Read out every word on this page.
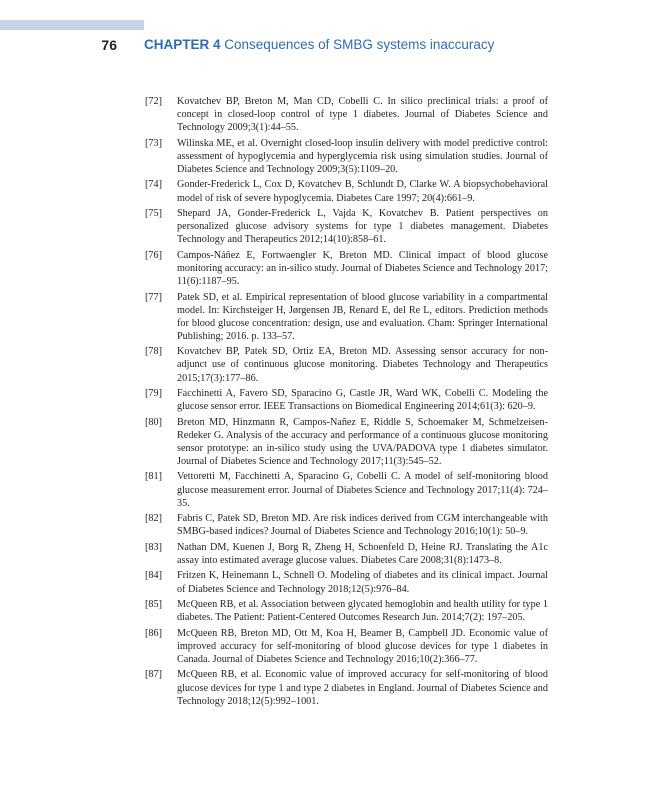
76 CHAPTER 4 Consequences of SMBG systems inaccuracy
[72] Kovatchev BP, Breton M, Man CD, Cobelli C. In silico preclinical trials: a proof of concept in closed-loop control of type 1 diabetes. Journal of Diabetes Science and Technology 2009;3(1):44–55.
[73] Wilinska ME, et al. Overnight closed-loop insulin delivery with model predictive control: assessment of hypoglycemia and hyperglycemia risk using simulation studies. Journal of Diabetes Science and Technology 2009;3(5):1109–20.
[74] Gonder-Frederick L, Cox D, Kovatchev B, Schlundt D, Clarke W. A biopsychobehavioral model of risk of severe hypoglycemia. Diabetes Care 1997; 20(4):661–9.
[75] Shepard JA, Gonder-Frederick L, Vajda K, Kovatchev B. Patient perspectives on personalized glucose advisory systems for type 1 diabetes management. Diabetes Technology and Therapeutics 2012;14(10):858–61.
[76] Campos-Náñez E, Fortwaengler K, Breton MD. Clinical impact of blood glucose monitoring accuracy: an in-silico study. Journal of Diabetes Science and Technology 2017; 11(6):1187–95.
[77] Patek SD, et al. Empirical representation of blood glucose variability in a compartmental model. In: Kirchsteiger H, Jørgensen JB, Renard E, del Re L, editors. Prediction methods for blood glucose concentration: design, use and evaluation. Cham: Springer International Publishing; 2016. p. 133–57.
[78] Kovatchev BP, Patek SD, Ortiz EA, Breton MD. Assessing sensor accuracy for non-adjunct use of continuous glucose monitoring. Diabetes Technology and Therapeutics 2015;17(3):177–86.
[79] Facchinetti A, Favero SD, Sparacino G, Castle JR, Ward WK, Cobelli C. Modeling the glucose sensor error. IEEE Transactions on Biomedical Engineering 2014;61(3): 620–9.
[80] Breton MD, Hinzmann R, Campos-Nañez E, Riddle S, Schoemaker M, Schmelzeisen-Redeker G. Analysis of the accuracy and performance of a continuous glucose monitoring sensor prototype: an in-silico study using the UVA/PADOVA type 1 diabetes simulator. Journal of Diabetes Science and Technology 2017;11(3):545–52.
[81] Vettoretti M, Facchinetti A, Sparacino G, Cobelli C. A model of self-monitoring blood glucose measurement error. Journal of Diabetes Science and Technology 2017;11(4): 724–35.
[82] Fabris C, Patek SD, Breton MD. Are risk indices derived from CGM interchangeable with SMBG-based indices? Journal of Diabetes Science and Technology 2016;10(1): 50–9.
[83] Nathan DM, Kuenen J, Borg R, Zheng H, Schoenfeld D, Heine RJ. Translating the A1c assay into estimated average glucose values. Diabetes Care 2008;31(8):1473–8.
[84] Fritzen K, Heinemann L, Schnell O. Modeling of diabetes and its clinical impact. Journal of Diabetes Science and Technology 2018;12(5):976–84.
[85] McQueen RB, et al. Association between glycated hemoglobin and health utility for type 1 diabetes. The Patient: Patient-Centered Outcomes Research Jun. 2014;7(2): 197–205.
[86] McQueen RB, Breton MD, Ott M, Koa H, Beamer B, Campbell JD. Economic value of improved accuracy for self-monitoring of blood glucose devices for type 1 diabetes in Canada. Journal of Diabetes Science and Technology 2016;10(2):366–77.
[87] McQueen RB, et al. Economic value of improved accuracy for self-monitoring of blood glucose devices for type 1 and type 2 diabetes in England. Journal of Diabetes Science and Technology 2018;12(5):992–1001.
